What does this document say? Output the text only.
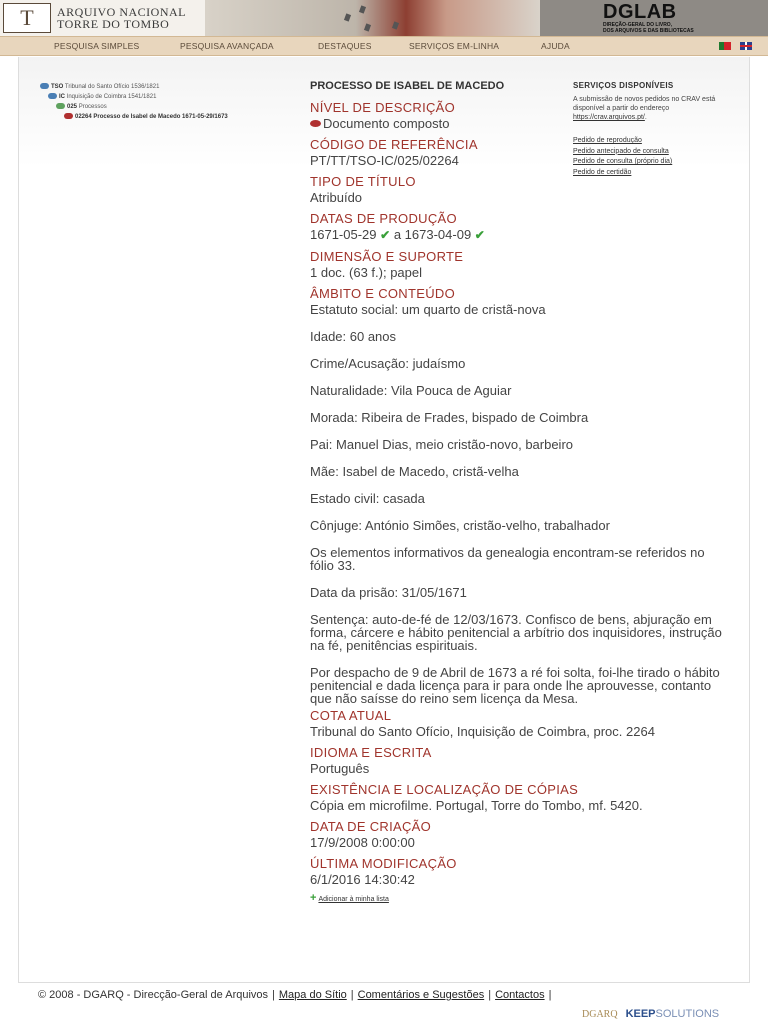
T ARQUIVO NACIONAL
TORRE DO TOMBO
DGLAB
DIREÇÃO-GERAL DO LIVRO,
DOS ARQUIVOS E DAS BIBLIOTECAS
PESQUISA SIMPLES	PESQUISA AVANÇADA	DESTAQUES	SERVIÇOS EM-LINHA	AJUDA
TSO Tribunal do Santo Ofício 1536/1821
IC Inquisição de Coimbra 1541/1821
025 Processos
02264 Processo de Isabel de Macedo 1671-05-29/1673
PROCESSO DE ISABEL DE MACEDO
NÍVEL DE DESCRIÇÃO
Documento composto
CÓDIGO DE REFERÊNCIA
PT/TT/TSO-IC/025/02264
TIPO DE TÍTULO
Atribuído
DATAS DE PRODUÇÃO
1671-05-29 ✔ a 1673-04-09 ✔
DIMENSÃO E SUPORTE
1 doc. (63 f.); papel
ÂMBITO E CONTEÚDO
Estatuto social: um quarto de cristã-nova
Idade: 60 anos
Crime/Acusação: judaísmo
Naturalidade: Vila Pouca de Aguiar
Morada: Ribeira de Frades, bispado de Coimbra
Pai: Manuel Dias, meio cristão-novo, barbeiro
Mãe: Isabel de Macedo, cristã-velha
Estado civil: casada
Cônjuge: António Simões, cristão-velho, trabalhador
Os elementos informativos da genealogia encontram-se referidos no fólio 33.
Data da prisão: 31/05/1671
Sentença: auto-de-fé de 12/03/1673. Confisco de bens, abjuração em forma, cárcere e hábito penitencial a arbítrio dos inquisidores, instrução na fé, penitências espirituais.
Por despacho de 9 de Abril de 1673 a ré foi solta, foi-lhe tirado o hábito penitencial e dada licença para ir para onde lhe aprouvesse, contanto que não saísse do reino sem licença da Mesa.
COTA ATUAL
Tribunal do Santo Ofício, Inquisição de Coimbra, proc. 2264
IDIOMA E ESCRITA
Português
EXISTÊNCIA E LOCALIZAÇÃO DE CÓPIAS
Cópia em microfilme. Portugal, Torre do Tombo, mf. 5420.
DATA DE CRIAÇÃO
17/9/2008 0:00:00
ÚLTIMA MODIFICAÇÃO
6/1/2016 14:30:42
+ Adicionar à minha lista
SERVIÇOS DISPONÍVEIS
A submissão de novos pedidos no CRAV está disponível a partir do endereço https://crav.arquivos.pt/.
Pedido de reprodução
Pedido antecipado de consulta
Pedido de consulta (próprio dia)
Pedido de certidão
© 2008 - DGARQ - Direcção-Geral de Arquivos | Mapa do Sítio | Comentários e Sugestões | Contactos |
DGARQ KEEPSOLUTIONS
